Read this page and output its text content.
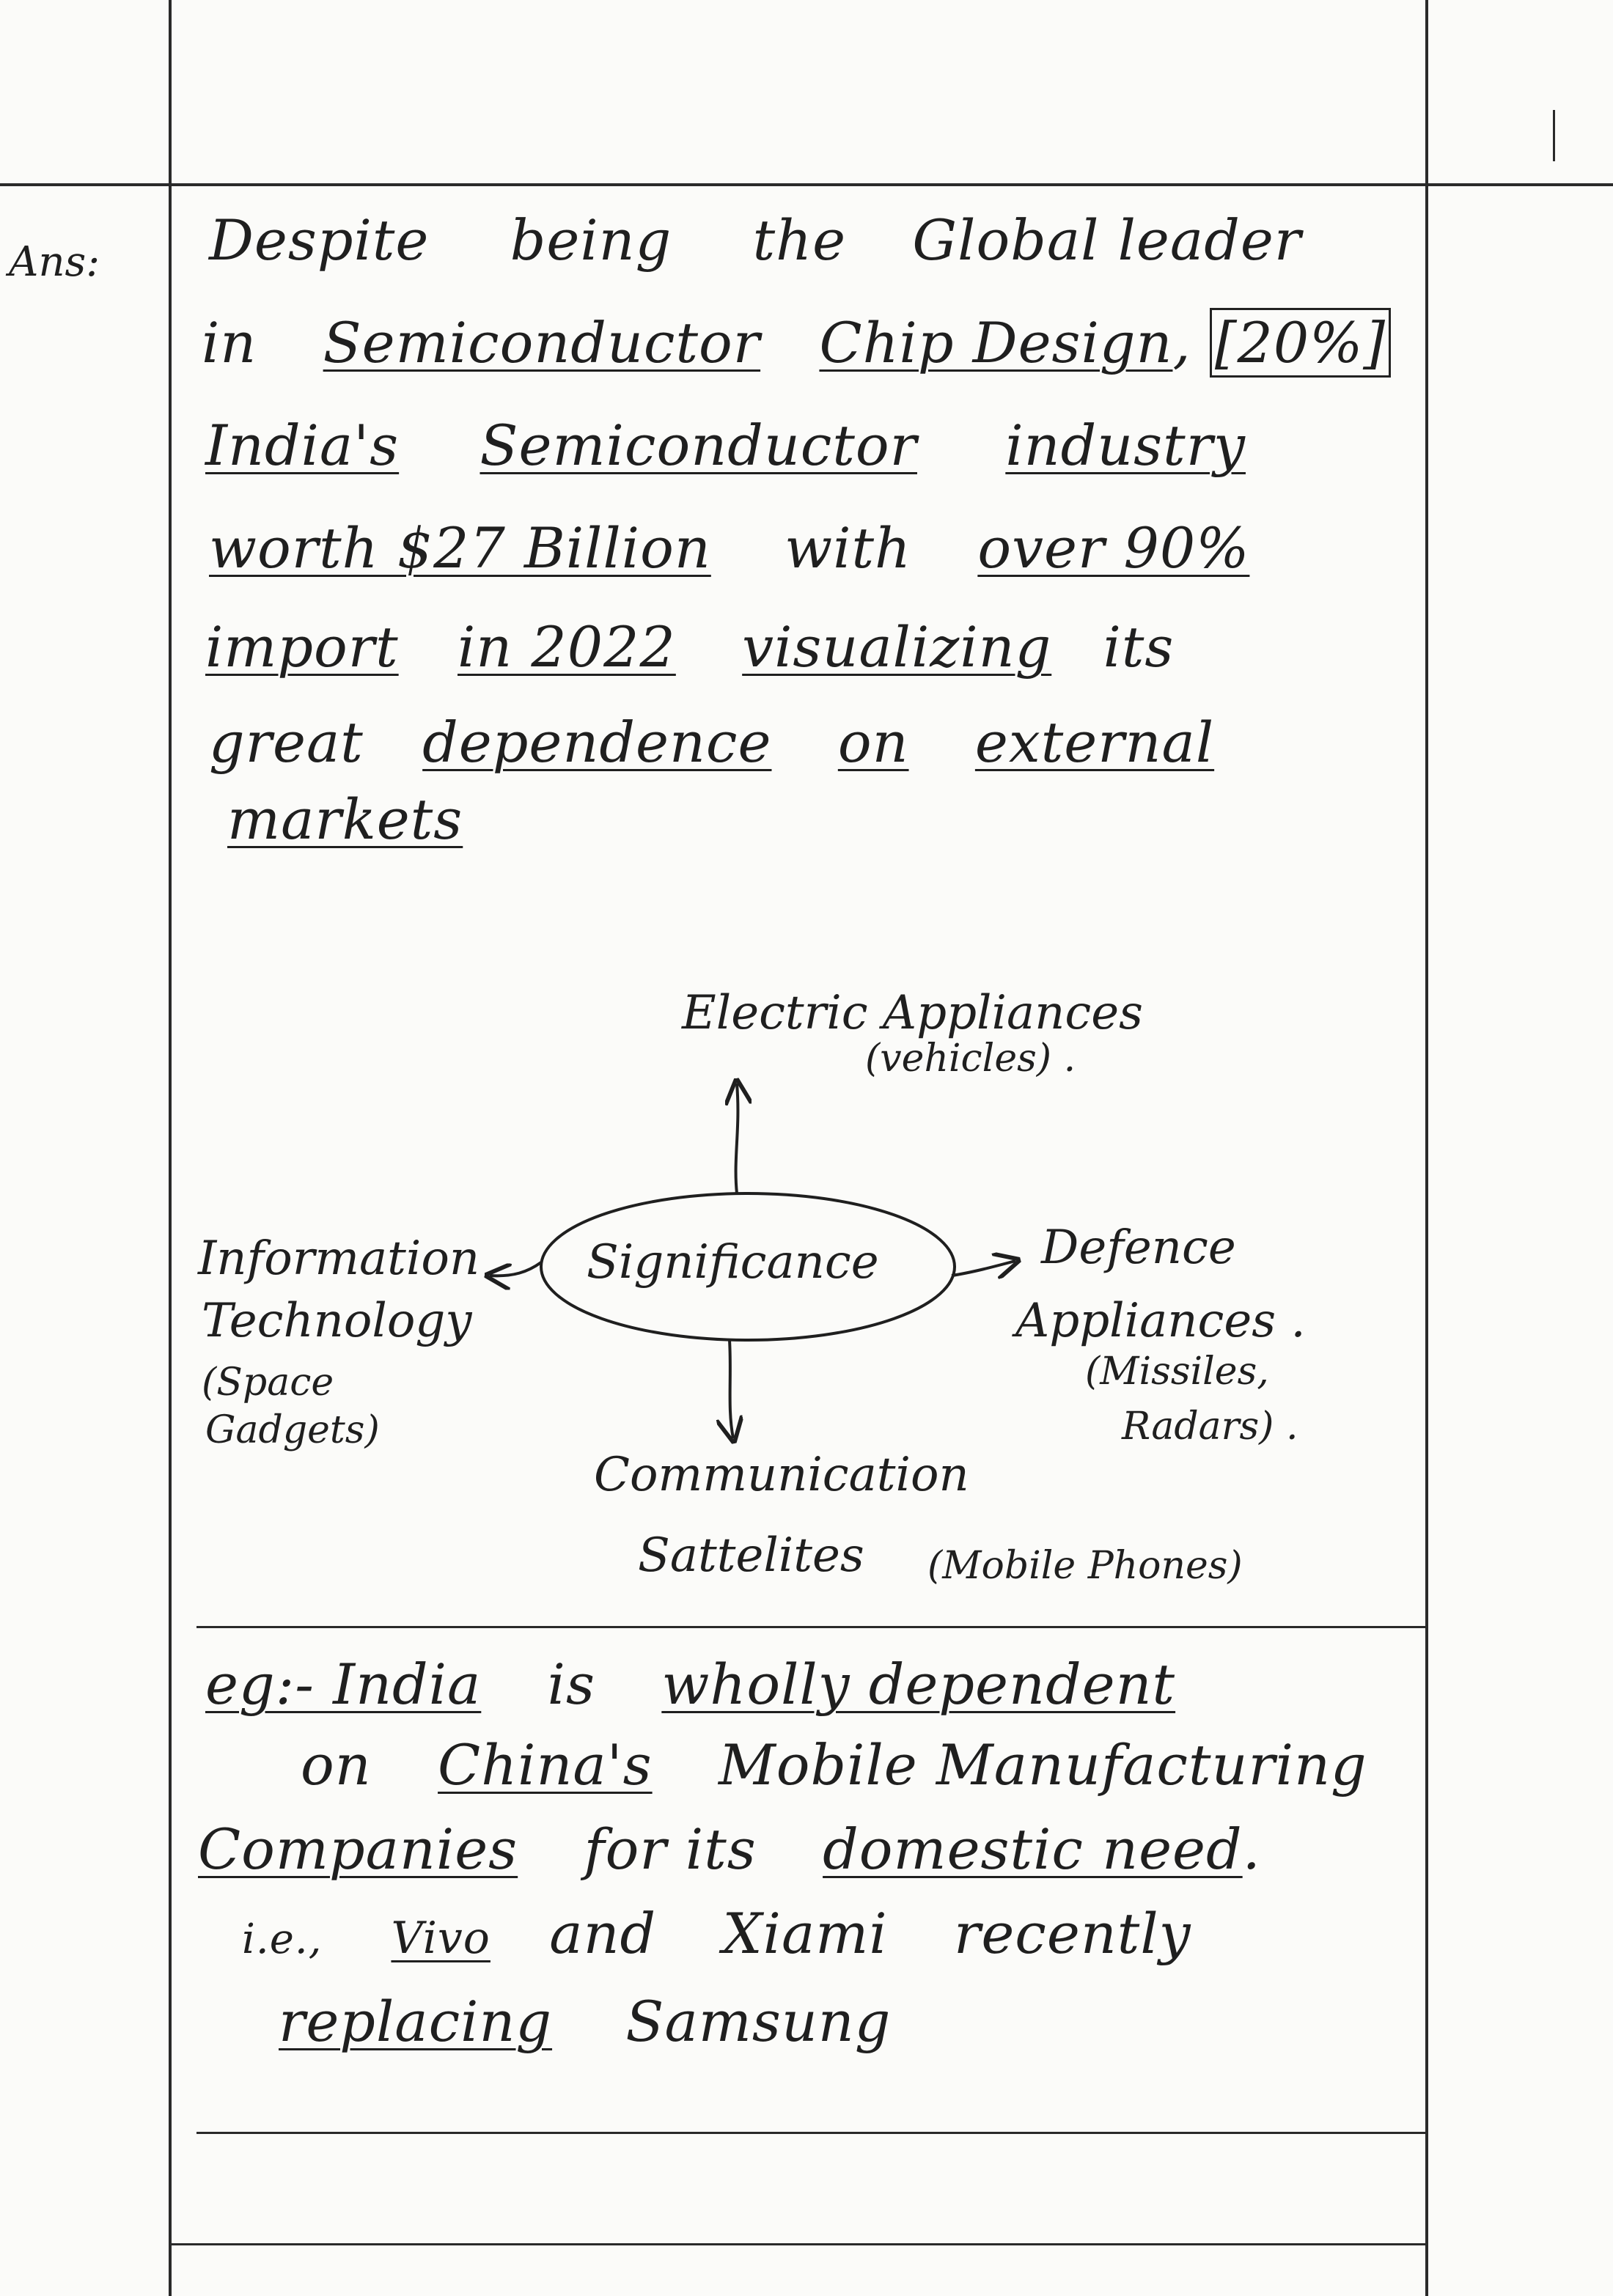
Ans: Despite being the Global leader
in Semiconductor Chip Design, [20%]
India's Semiconductor industry
worth $27 Billion with over 90%
import in 2022 visualizing its
great dependence on external
markets
Significance
Electric Appliances
(vehicles) .
Information
Technology
(Space
Gadgets)
Defence
Appliances .
(Missiles,
Radars) .
Communication
Sattelites (Mobile Phones)
eg:- India is wholly dependent
on China's Mobile Manufacturing
Companies for its domestic need.
i.e.,  Vivo and Xiami recently
replacing Samsung
